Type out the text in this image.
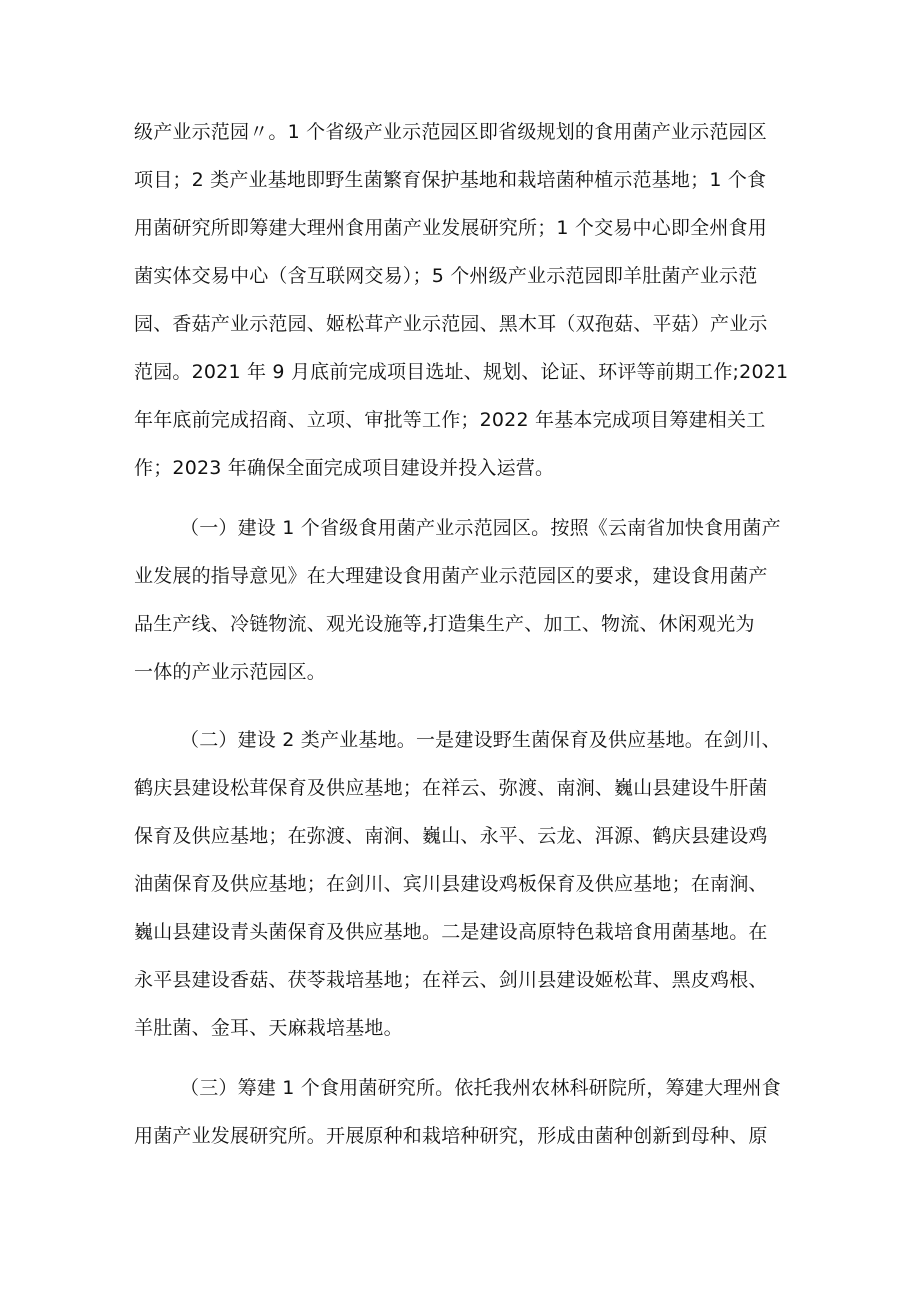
级产业示范园〃。1 个省级产业示范园区即省级规划的食用菌产业示范园区
项目；2 类产业基地即野生菌繁育保护基地和栽培菌种植示范基地；1 个食
用菌研究所即筹建大理州食用菌产业发展研究所；1 个交易中心即全州食用
菌实体交易中心（含互联网交易）；5 个州级产业示范园即羊肚菌产业示范
园、香菇产业示范园、姬松茸产业示范园、黑木耳（双孢菇、平菇）产业示
范园。2021 年 9 月底前完成项目选址、规划、论证、环评等前期工作;2021
年年底前完成招商、立项、审批等工作；2022 年基本完成项目筹建相关工
作；2023 年确保全面完成项目建设并投入运营。
（一）建设 1 个省级食用菌产业示范园区。按照《云南省加快食用菌产
业发展的指导意见》在大理建设食用菌产业示范园区的要求，建设食用菌产
品生产线、冷链物流、观光设施等,打造集生产、加工、物流、休闲观光为
一体的产业示范园区。
（二）建设 2 类产业基地。一是建设野生菌保育及供应基地。在剑川、
鹤庆县建设松茸保育及供应基地；在祥云、弥渡、南涧、巍山县建设牛肝菌
保育及供应基地；在弥渡、南涧、巍山、永平、云龙、洱源、鹤庆县建设鸡
油菌保育及供应基地；在剑川、宾川县建设鸡板保育及供应基地；在南涧、
巍山县建设青头菌保育及供应基地。二是建设高原特色栽培食用菌基地。在
永平县建设香菇、茯苓栽培基地；在祥云、剑川县建设姬松茸、黑皮鸡根、
羊肚菌、金耳、天麻栽培基地。
（三）筹建 1 个食用菌研究所。依托我州农林科研院所，筹建大理州食
用菌产业发展研究所。开展原种和栽培种研究，形成由菌种创新到母种、原
